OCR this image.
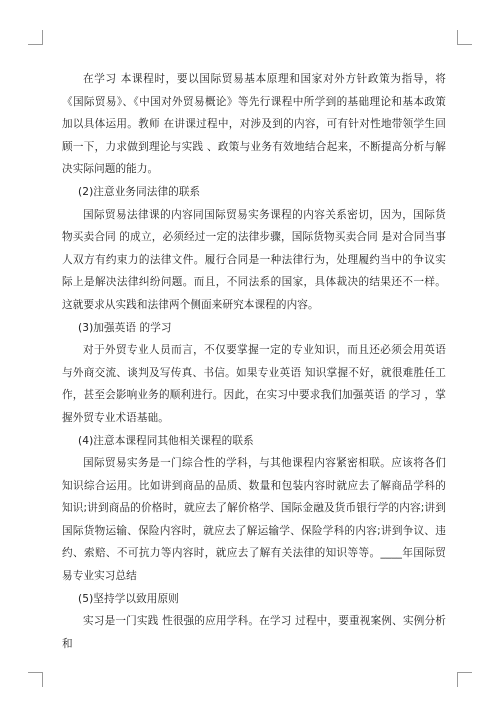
在学习 本课程时，要以国际贸易基本原理和国家对外方针政策为指导，将《国际贸易》、《中国对外贸易概论》等先行课程中所学到的基础理论和基本政策加以具体运用。教师 在讲课过程中，对涉及到的内容，可有针对性地带领学生回顾一下，力求做到理论与实践 、政策与业务有效地结合起来，不断提高分析与解决实际问题的能力。

(2)注意业务同法律的联系

国际贸易法律课的内容同国际贸易实务课程的内容关系密切，因为，国际货物买卖合同 的成立，必须经过一定的法律步骤，国际货物买卖合同 是对合同当事人双方有约束力的法律文件。履行合同是一种法律行为，处理履约当中的争议实际上是解决法律纠纷问题。而且，不同法系的国家，具体裁决的结果还不一样。这就要求从实践和法律两个侧面来研究本课程的内容。

(3)加强英语 的学习

对于外贸专业人员而言，不仅要掌握一定的专业知识，而且还必须会用英语 与外商交流、谈判及写传真、书信。如果专业英语 知识掌握不好，就很难胜任工作，甚至会影响业务的顺利进行。因此，在实习中要求我们加强英语 的学习 ，掌握外贸专业术语基础。

(4)注意本课程同其他相关课程的联系

国际贸易实务是一门综合性的学科，与其他课程内容紧密相联。应该将各们知识综合运用。比如讲到商品的品质、数量和包装内容时就应去了解商品学科的知识;讲到商品的价格时，就应去了解价格学、国际金融及货币银行学的内容;讲到国际货物运输、保险内容时，就应去了解运输学、保险学科的内容;讲到争议、违约、索赔、不可抗力等内容时，就应去了解有关法律的知识等等。____年国际贸易专业实习总结

(5)坚持学以致用原则

实习是一门实践 性很强的应用学科。在学习 过程中，要重视案例、实例分析和
